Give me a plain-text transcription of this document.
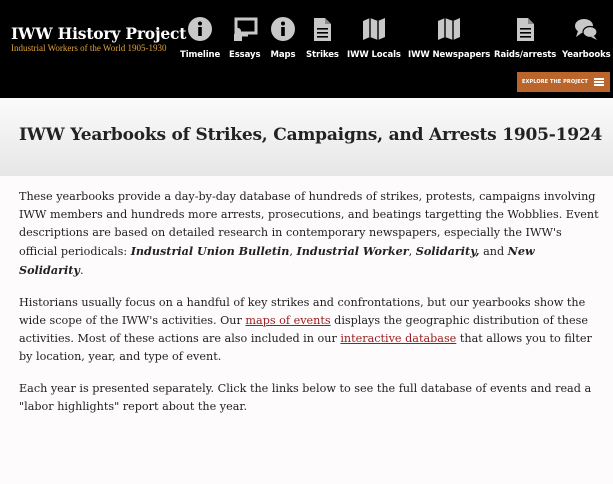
IWW History Project
Industrial Workers of the World 1905-1930
Timeline Essays Maps Strikes IWW Locals IWW Newspapers Raids/arrests Yearbooks
EXPLORE THE PROJECT
IWW Yearbooks of Strikes, Campaigns, and Arrests 1905-1924

These yearbooks provide a day-by-day database of hundreds of strikes, protests, campaigns involving IWW members and hundreds more arrests, prosecutions, and beatings targetting the Wobblies. Event descriptions are based on detailed research in contemporary newspapers, especially the IWW's official periodicals: Industrial Union Bulletin, Industrial Worker, Solidarity, and New Solidarity.

Historians usually focus on a handful of key strikes and confrontations, but our yearbooks show the wide scope of the IWW's activities. Our maps of events displays the geographic distribution of these activities. Most of these actions are also included in our interactive database that allows you to filter by location, year, and type of event.

Each year is presented separately. Click the links below to see the full database of events and read a "labor highlights" report about the year.
